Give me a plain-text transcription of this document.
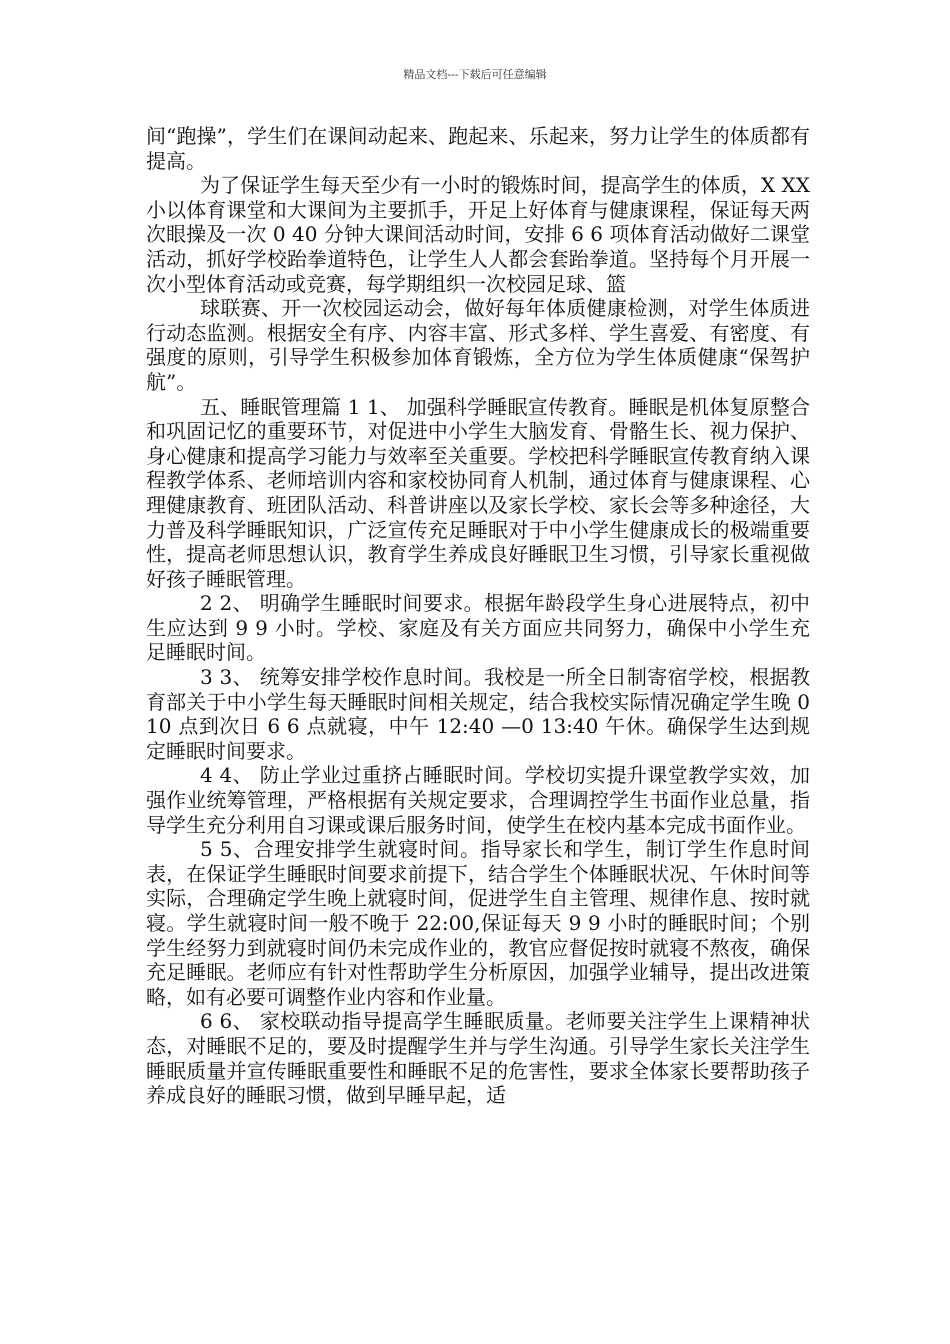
精品文档---下载后可任意编辑

间“跑操”，学生们在课间动起来、跑起来、乐起来，努力让学生的体质都有提高。

为了保证学生每天至少有一小时的锻炼时间，提高学生的体质，X XX 小以体育课堂和大课间为主要抓手，开足上好体育与健康课程，保证每天两次眼操及一次 0 40 分钟大课间活动时间，安排 6 6 项体育活动做好二课堂活动，抓好学校跆拳道特色，让学生人人都会套跆拳道。坚持每个月开展一次小型体育活动或竞赛，每学期组织一次校园足球、篮

球联赛、开一次校园运动会，做好每年体质健康检测，对学生体质进行动态监测。根据安全有序、内容丰富、形式多样、学生喜爱、有密度、有强度的原则，引导学生积极参加体育锻炼，全方位为学生体质健康“保驾护航”。

五、睡眠管理篇 1 1、 加强科学睡眠宣传教育。睡眠是机体复原整合和巩固记忆的重要环节，对促进中小学生大脑发育、骨骼生长、视力保护、身心健康和提高学习能力与效率至关重要。学校把科学睡眠宣传教育纳入课程教学体系、老师培训内容和家校协同育人机制，通过体育与健康课程、心理健康教育、班团队活动、科普讲座以及家长学校、家长会等多种途径，大力普及科学睡眠知识，广泛宣传充足睡眠对于中小学生健康成长的极端重要性，提高老师思想认识，教育学生养成良好睡眠卫生习惯，引导家长重视做好孩子睡眠管理。

2 2、 明确学生睡眠时间要求。根据年龄段学生身心进展特点，初中生应达到 9 9 小时。学校、家庭及有关方面应共同努力，确保中小学生充足睡眠时间。

3 3、 统筹安排学校作息时间。我校是一所全日制寄宿学校，根据教育部关于中小学生每天睡眠时间相关规定，结合我校实际情况确定学生晚 0 10 点到次日 6 6 点就寝，中午 12:40 —0 13:40 午休。确保学生达到规定睡眠时间要求。

4 4、 防止学业过重挤占睡眠时间。学校切实提升课堂教学实效，加强作业统筹管理，严格根据有关规定要求，合理调控学生书面作业总量，指导学生充分利用自习课或课后服务时间，使学生在校内基本完成书面作业。

5 5、合理安排学生就寝时间。指导家长和学生，制订学生作息时间表，在保证学生睡眠时间要求前提下，结合学生个体睡眠状况、午休时间等实际，合理确定学生晚上就寝时间，促进学生自主管理、规律作息、按时就寝。学生就寝时间一般不晚于 22:00,保证每天 9 9 小时的睡眠时间；个别学生经努力到就寝时间仍未完成作业的，教官应督促按时就寝不熬夜，确保充足睡眠。老师应有针对性帮助学生分析原因，加强学业辅导，提出改进策略，如有必要可调整作业内容和作业量。

6 6、 家校联动指导提高学生睡眠质量。老师要关注学生上课精神状态，对睡眠不足的，要及时提醒学生并与学生沟通。引导学生家长关注学生睡眠质量并宣传睡眠重要性和睡眠不足的危害性，要求全体家长要帮助孩子养成良好的睡眠习惯，做到早睡早起，适
